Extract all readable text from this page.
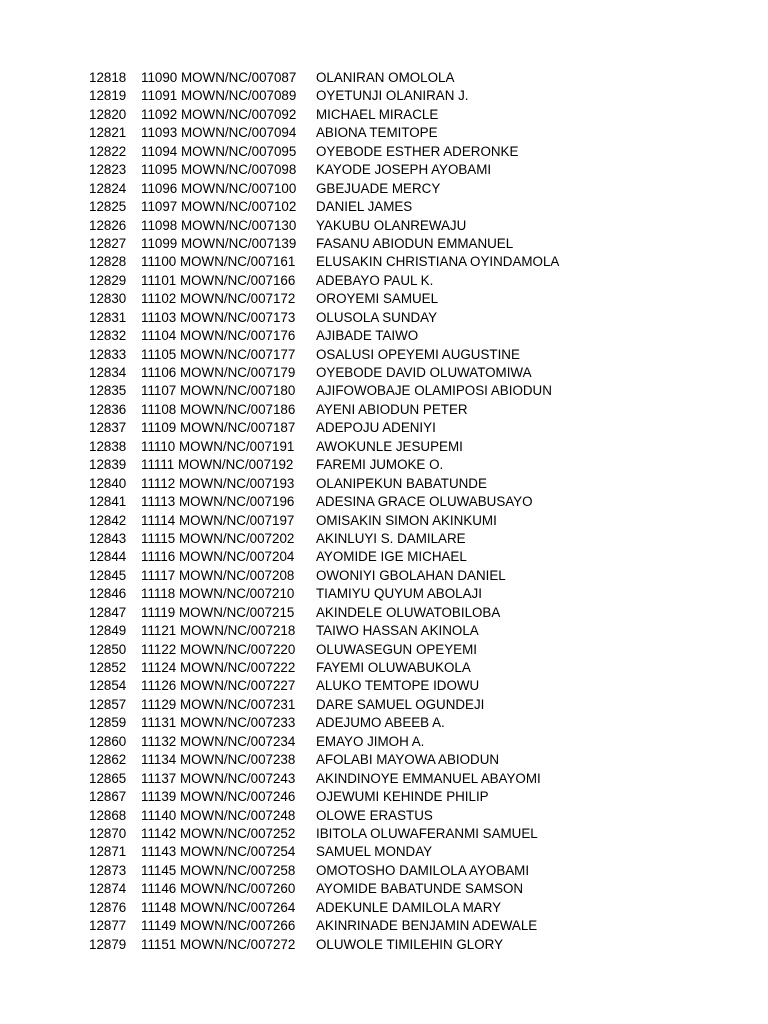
12818 11090 MOWN/NC/007087 OLANIRAN OMOLOLA
12819 11091 MOWN/NC/007089 OYETUNJI OLANIRAN J.
12820 11092 MOWN/NC/007092 MICHAEL MIRACLE
12821 11093 MOWN/NC/007094 ABIONA TEMITOPE
12822 11094 MOWN/NC/007095 OYEBODE ESTHER ADERONKE
12823 11095 MOWN/NC/007098 KAYODE JOSEPH AYOBAMI
12824 11096 MOWN/NC/007100 GBEJUADE MERCY
12825 11097 MOWN/NC/007102 DANIEL JAMES
12826 11098 MOWN/NC/007130 YAKUBU OLANREWAJU
12827 11099 MOWN/NC/007139 FASANU ABIODUN EMMANUEL
12828 11100 MOWN/NC/007161 ELUSAKIN CHRISTIANA OYINDAMOLA
12829 11101 MOWN/NC/007166 ADEBAYO PAUL K.
12830 11102 MOWN/NC/007172 OROYEMI SAMUEL
12831 11103 MOWN/NC/007173 OLUSOLA SUNDAY
12832 11104 MOWN/NC/007176 AJIBADE TAIWO
12833 11105 MOWN/NC/007177 OSALUSI OPEYEMI AUGUSTINE
12834 11106 MOWN/NC/007179 OYEBODE DAVID OLUWATOMIWA
12835 11107 MOWN/NC/007180 AJIFOWOBAJE OLAMIPOSI ABIODUN
12836 11108 MOWN/NC/007186 AYENI ABIODUN PETER
12837 11109 MOWN/NC/007187 ADEPOJU ADENIYI
12838 11110 MOWN/NC/007191 AWOKUNLE JESUPEMI
12839 11111 MOWN/NC/007192 FAREMI JUMOKE O.
12840 11112 MOWN/NC/007193 OLANIPEKUN BABATUNDE
12841 11113 MOWN/NC/007196 ADESINA GRACE OLUWABUSAYO
12842 11114 MOWN/NC/007197 OMISAKIN SIMON AKINKUMI
12843 11115 MOWN/NC/007202 AKINLUYI S. DAMILARE
12844 11116 MOWN/NC/007204 AYOMIDE IGE MICHAEL
12845 11117 MOWN/NC/007208 OWONIYI GBOLAHAN DANIEL
12846 11118 MOWN/NC/007210 TIAMIYU QUYUM ABOLAJI
12847 11119 MOWN/NC/007215 AKINDELE OLUWATOBILOBA
12849 11121 MOWN/NC/007218 TAIWO HASSAN AKINOLA
12850 11122 MOWN/NC/007220 OLUWASEGUN OPEYEMI
12852 11124 MOWN/NC/007222 FAYEMI OLUWABUKOLA
12854 11126 MOWN/NC/007227 ALUKO TEMTOPE IDOWU
12857 11129 MOWN/NC/007231 DARE SAMUEL OGUNDEJI
12859 11131 MOWN/NC/007233 ADEJUMO ABEEB A.
12860 11132 MOWN/NC/007234 EMAYO JIMOH A.
12862 11134 MOWN/NC/007238 AFOLABI MAYOWA ABIODUN
12865 11137 MOWN/NC/007243 AKINDINOYE EMMANUEL ABAYOMI
12867 11139 MOWN/NC/007246 OJEWUMI KEHINDE PHILIP
12868 11140 MOWN/NC/007248 OLOWE ERASTUS
12870 11142 MOWN/NC/007252 IBITOLA OLUWAFERANMI SAMUEL
12871 11143 MOWN/NC/007254 SAMUEL MONDAY
12873 11145 MOWN/NC/007258 OMOTOSHO DAMILOLA AYOBAMI
12874 11146 MOWN/NC/007260 AYOMIDE BABATUNDE SAMSON
12876 11148 MOWN/NC/007264 ADEKUNLE DAMILOLA MARY
12877 11149 MOWN/NC/007266 AKINRINADE BENJAMIN ADEWALE
12879 11151 MOWN/NC/007272 OLUWOLE TIMILEHIN GLORY
